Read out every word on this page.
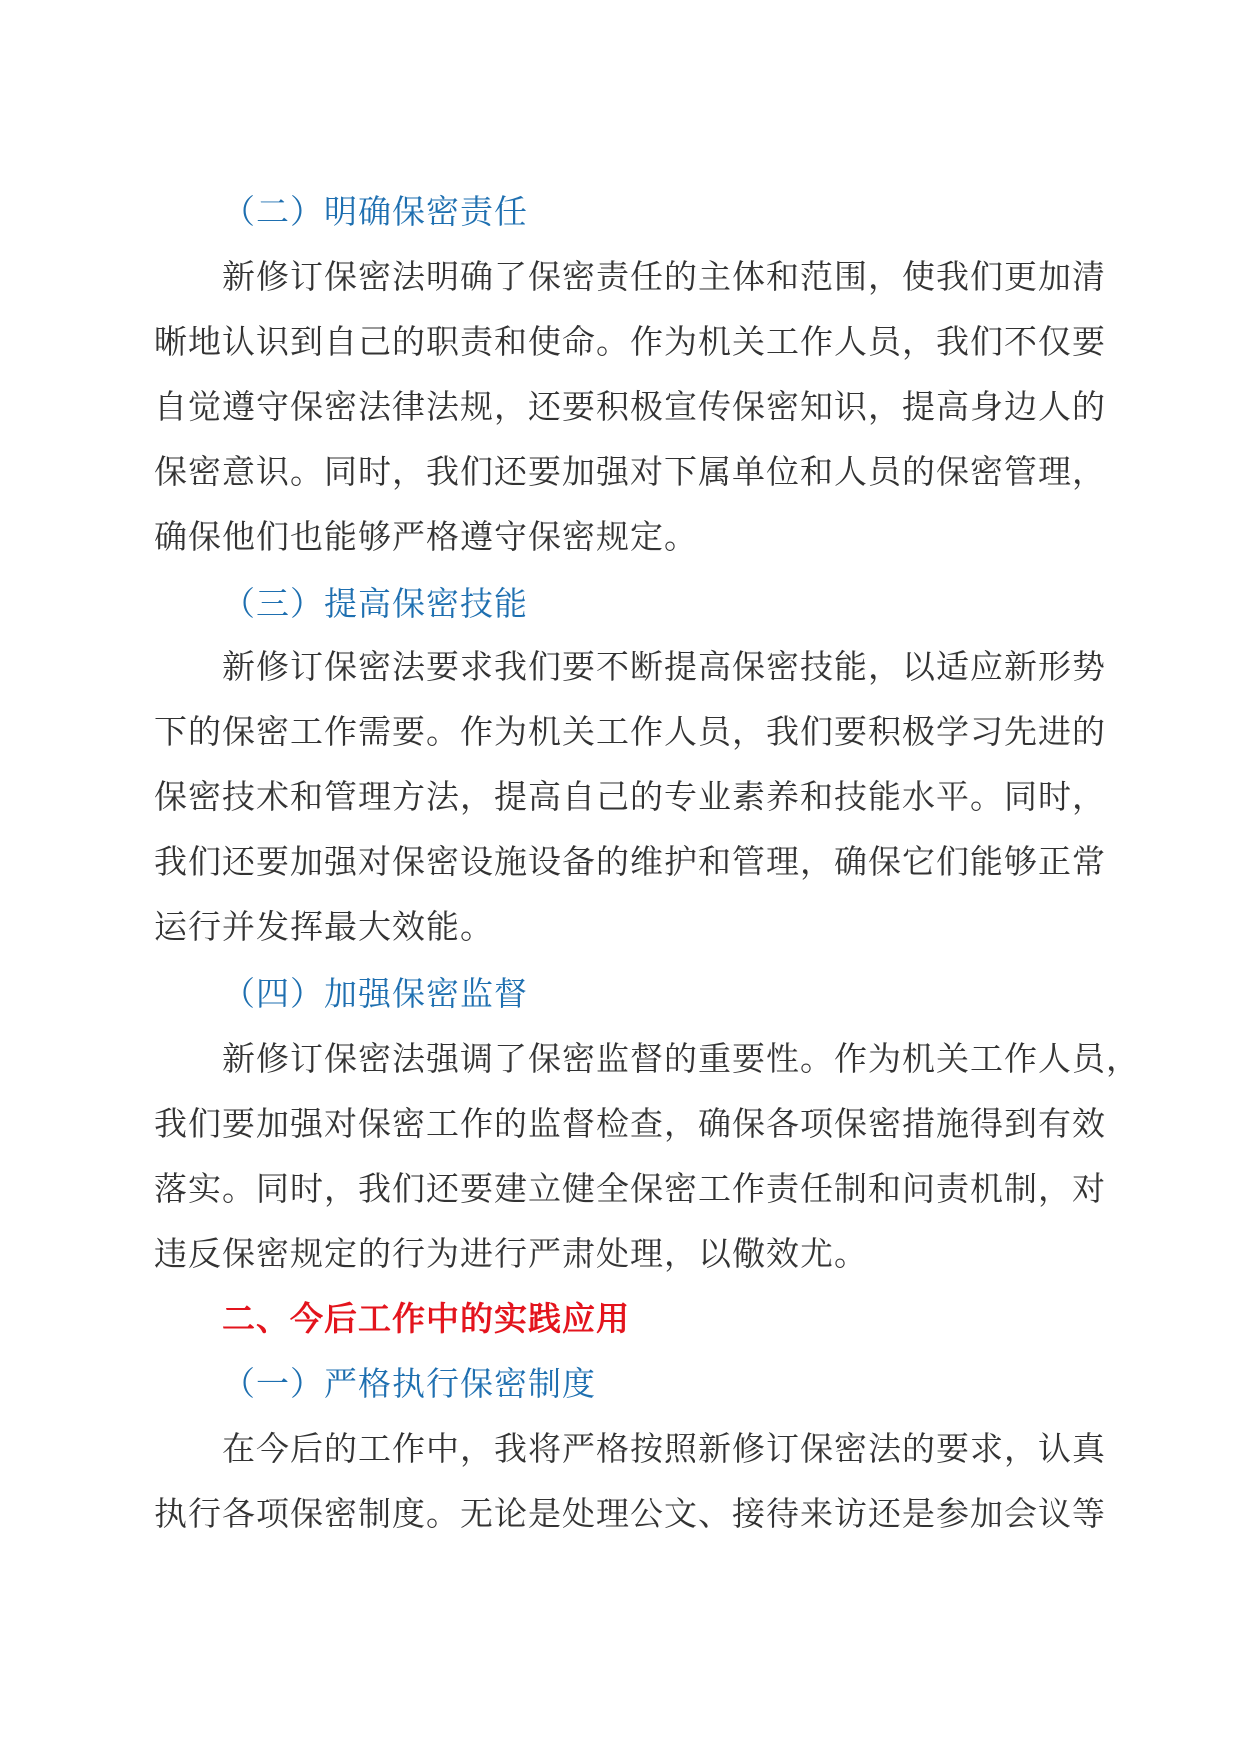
（二）明确保密责任
新修订保密法明确了保密责任的主体和范围，使我们更加清
晰地认识到自己的职责和使命。作为机关工作人员，我们不仅要
自觉遵守保密法律法规，还要积极宣传保密知识，提高身边人的
保密意识。同时，我们还要加强对下属单位和人员的保密管理，
确保他们也能够严格遵守保密规定。
（三）提高保密技能
新修订保密法要求我们要不断提高保密技能，以适应新形势
下的保密工作需要。作为机关工作人员，我们要积极学习先进的
保密技术和管理方法，提高自己的专业素养和技能水平。同时，
我们还要加强对保密设施设备的维护和管理，确保它们能够正常
运行并发挥最大效能。
（四）加强保密监督
新修订保密法强调了保密监督的重要性。作为机关工作人员，
我们要加强对保密工作的监督检查，确保各项保密措施得到有效
落实。同时，我们还要建立健全保密工作责任制和问责机制，对
违反保密规定的行为进行严肃处理，以儆效尤。
二、今后工作中的实践应用
（一）严格执行保密制度
在今后的工作中，我将严格按照新修订保密法的要求，认真
执行各项保密制度。无论是处理公文、接待来访还是参加会议等
